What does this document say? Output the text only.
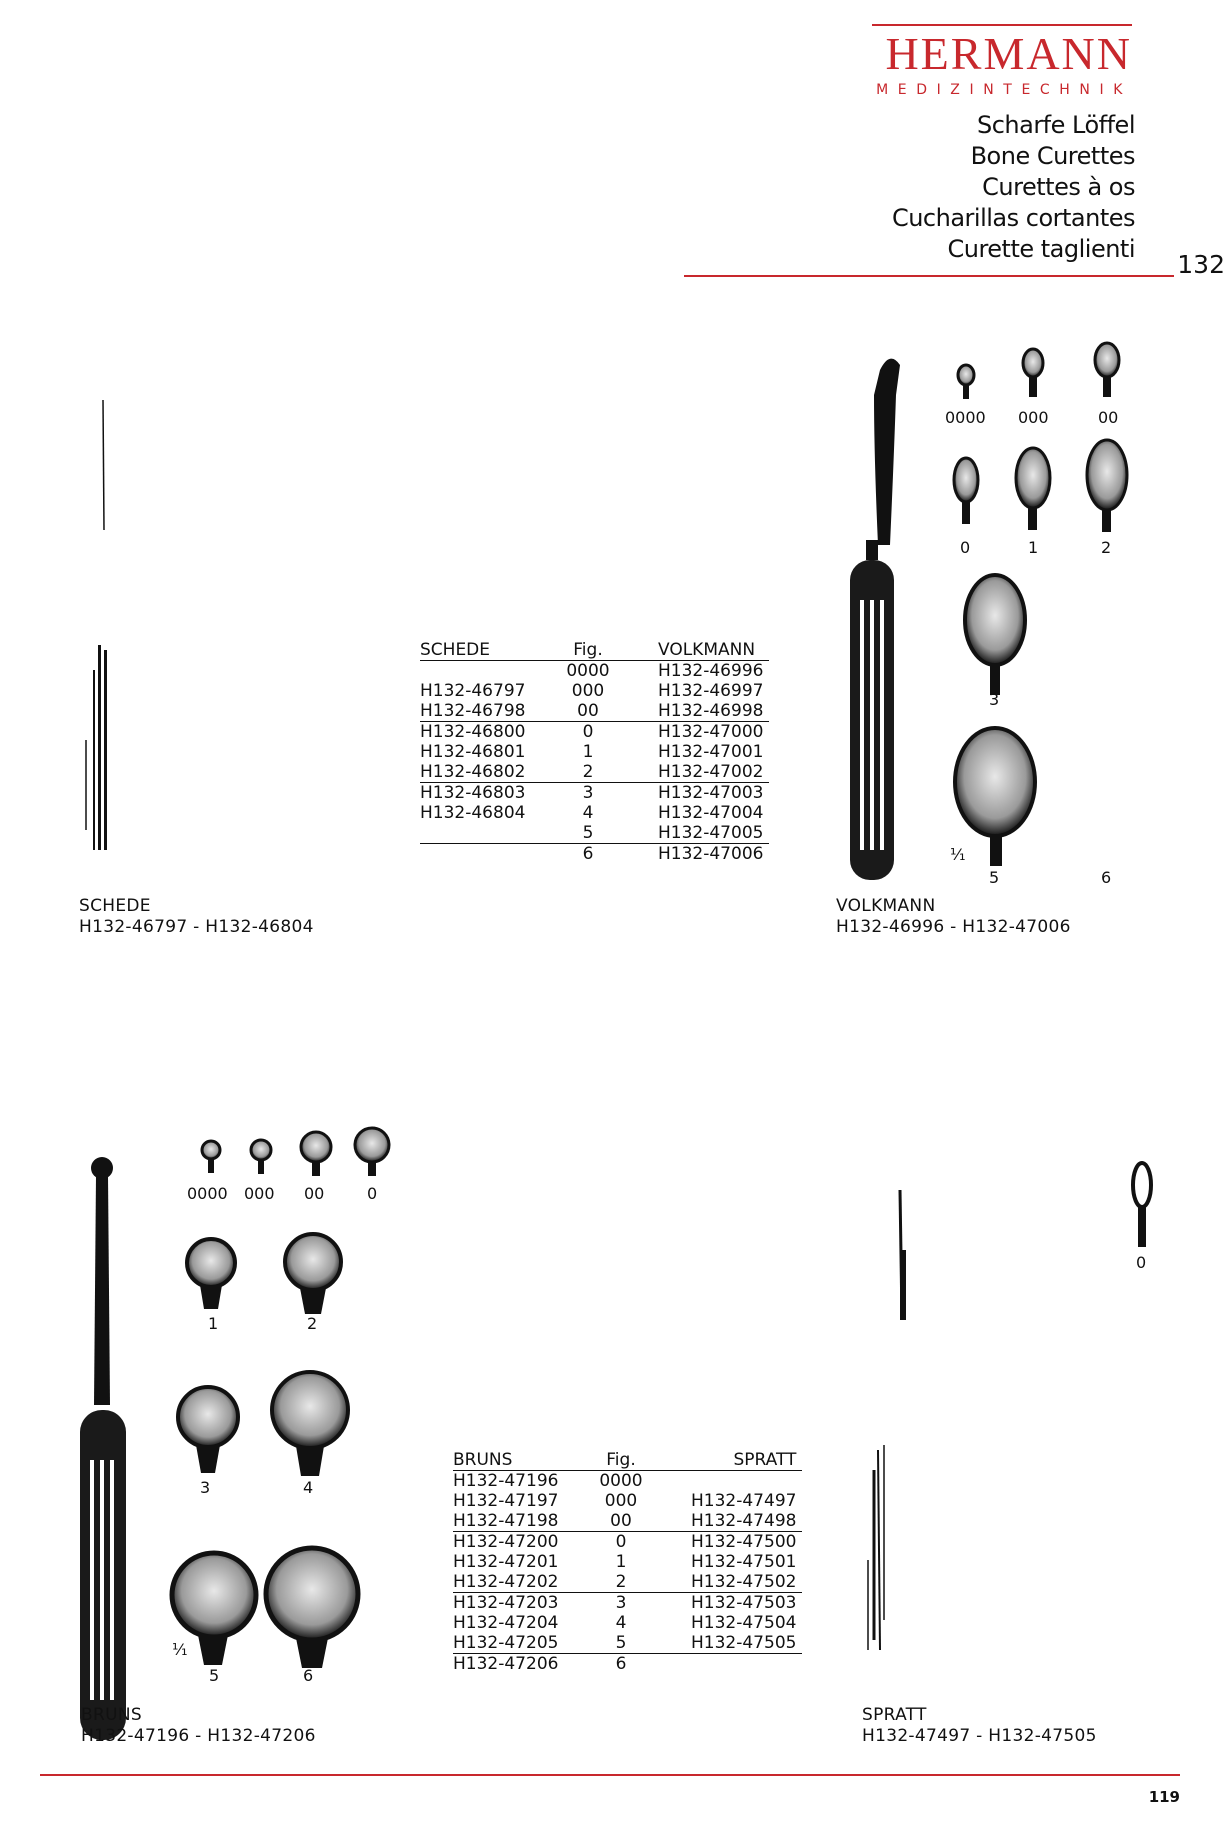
HERMANN
MEDIZINTECHNIK
Scharfe Löffel
Bone Curettes
Curettes à os
Cucharillas cortantes
Curette taglienti
132
0000 000	00
0	1	2
3
¹⁄₁
5	6
0000 000 00	0
1	2
3	4
¹⁄₁
5	6
0
SCHEDE	Fig.	VOLKMANN
	0000	H132-46996
H132-46797	000	H132-46997
H132-46798	00	H132-46998
H132-46800	0	H132-47000
H132-46801	1	H132-47001
H132-46802	2	H132-47002
H132-46803	3	H132-47003
H132-46804	4	H132-47004
	5	H132-47005
	6	H132-47006
BRUNS	Fig.	SPRATT
H132-47196	0000	
H132-47197	000	H132-47497
H132-47198	00	H132-47498
H132-47200	0	H132-47500
H132-47201	1	H132-47501
H132-47202	2	H132-47502
H132-47203	3	H132-47503
H132-47204	4	H132-47504
H132-47205	5	H132-47505
H132-47206	6	
SCHEDE
H132-46797 - H132-46804
VOLKMANN
H132-46996 - H132-47006
BRUNS
H132-47196 - H132-47206
SPRATT
H132-47497 - H132-47505
119
